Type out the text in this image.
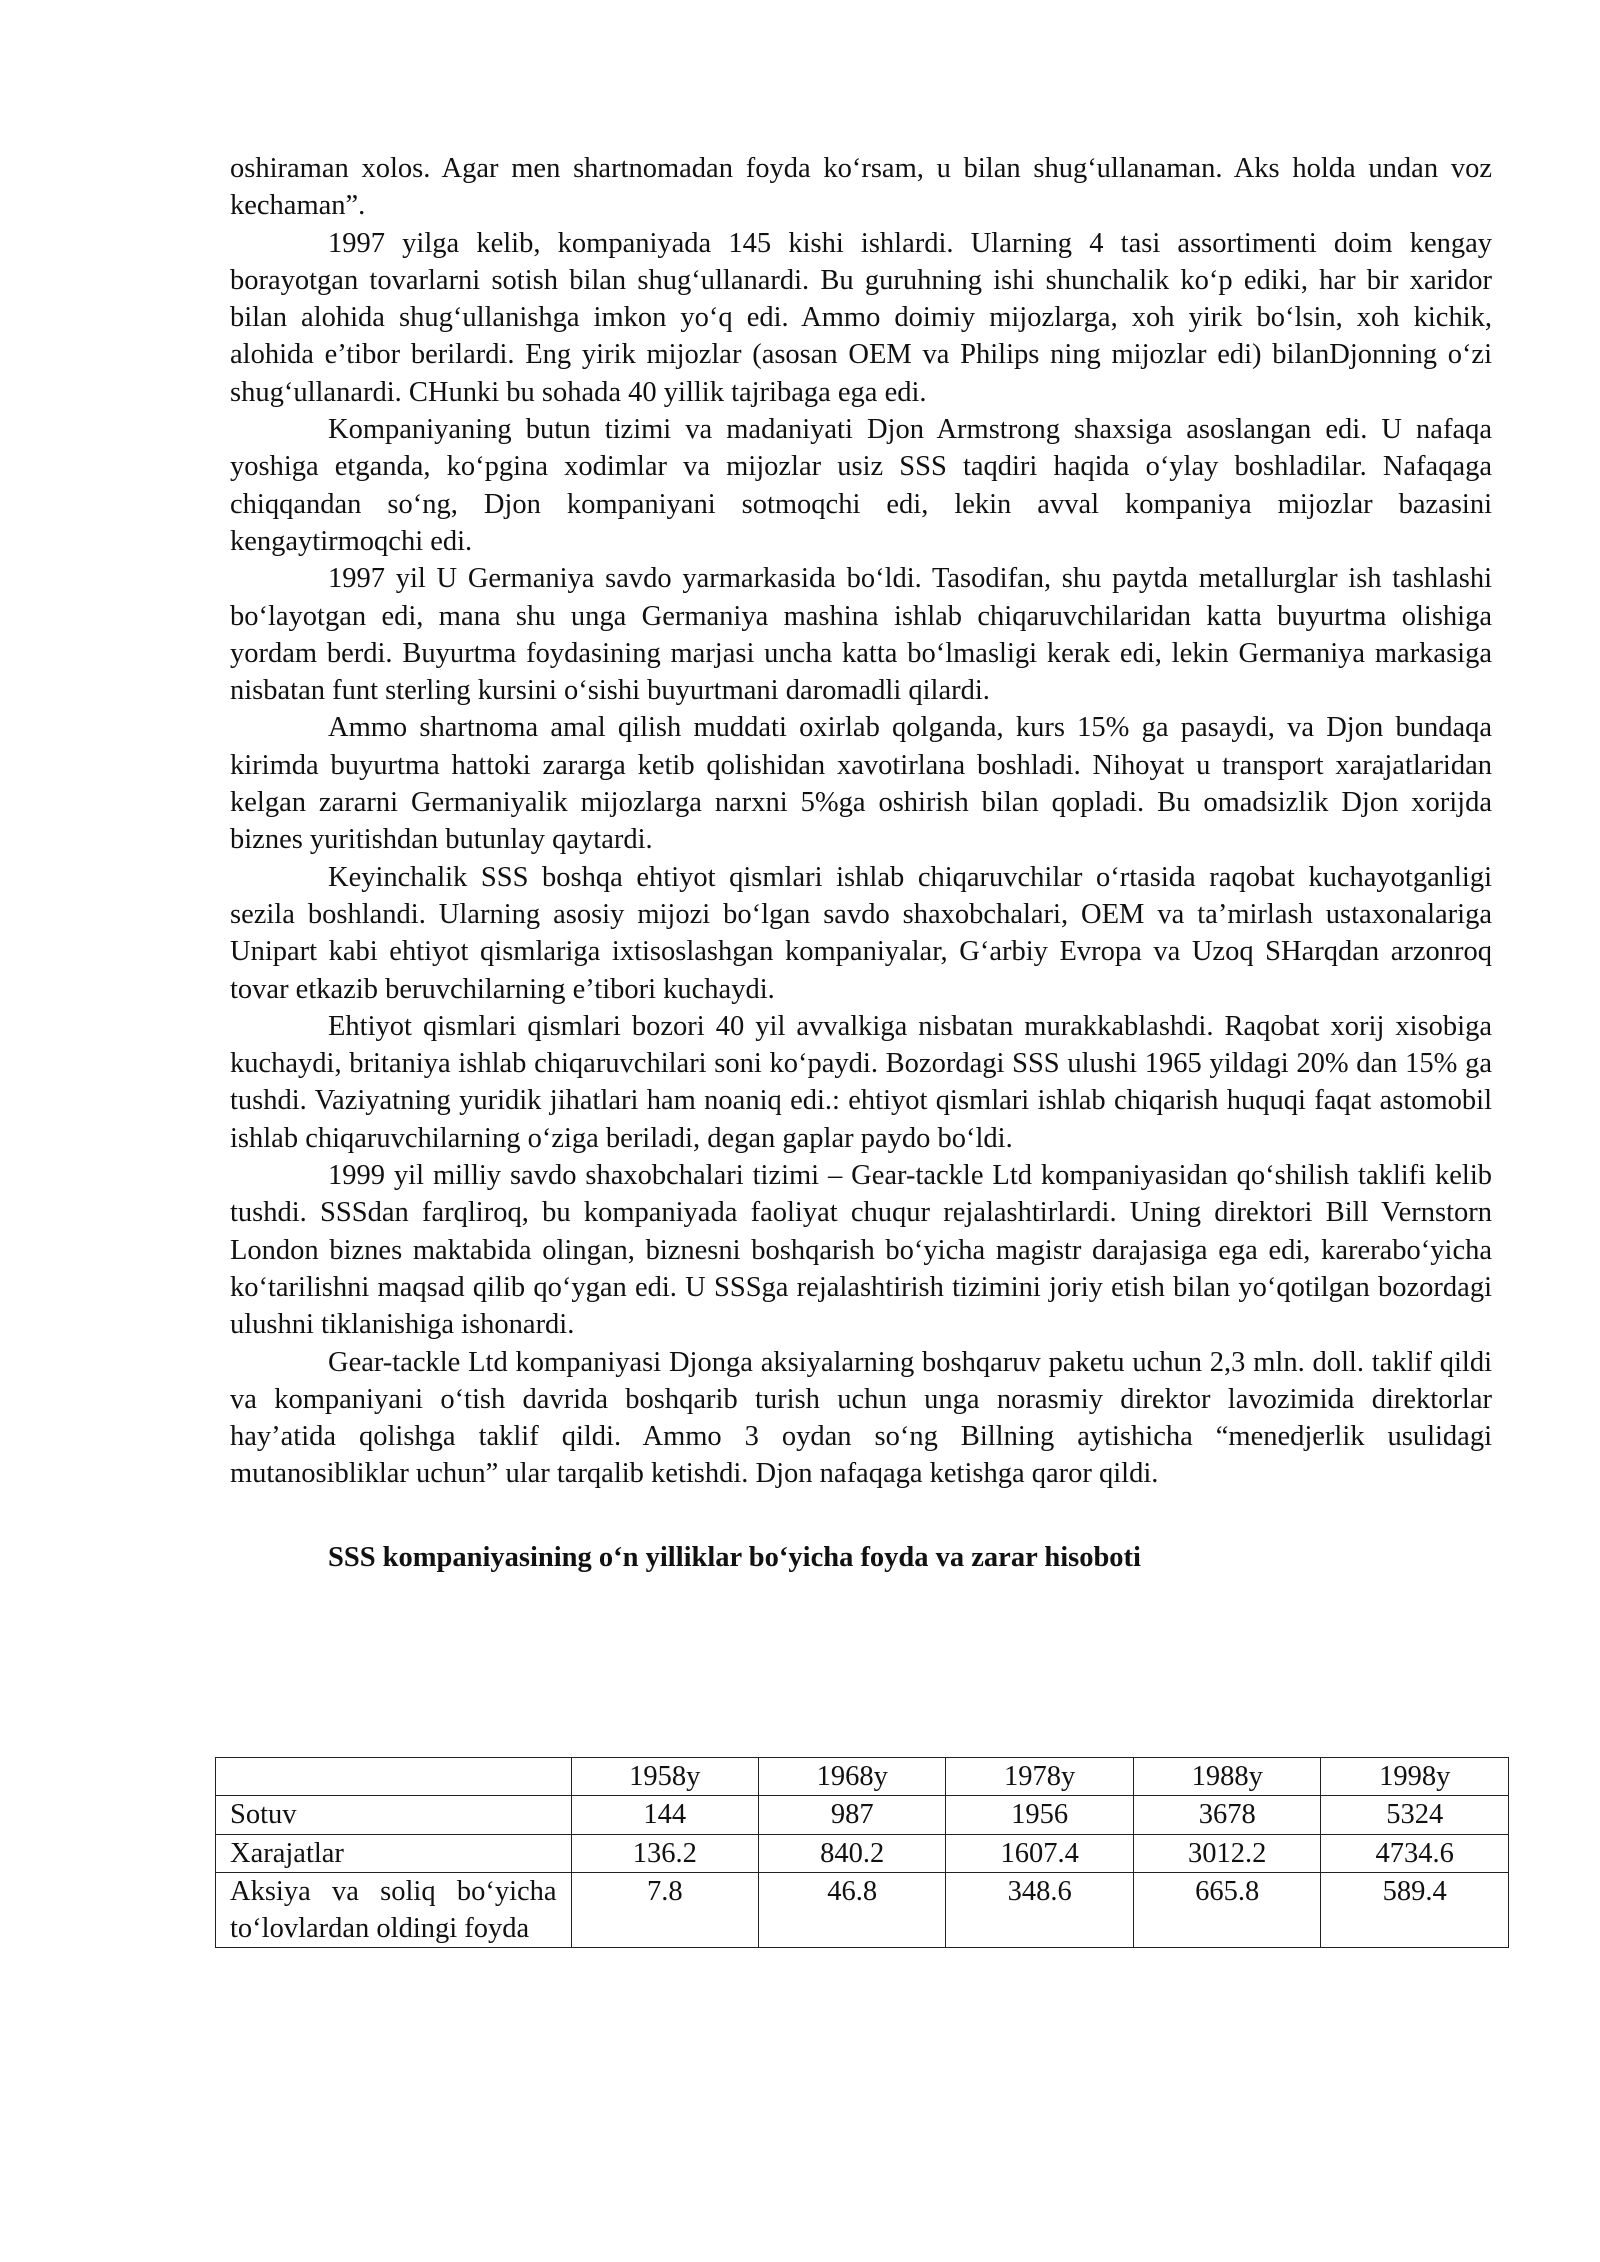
oshiraman xolos. Agar men shartnomadan foyda ko‘rsam, u bilan shug‘ullanaman. Aks holda undan voz kechaman”.

1997 yilga kelib, kompaniyada 145 kishi ishlardi. Ularning 4 tasi assortimenti doim kengay borayotgan tovarlarni sotish bilan shug‘ullanardi. Bu guruhning ishi shunchalik ko‘p ediki, har bir xaridor bilan alohida shug‘ullanishga imkon yo‘q edi. Ammo doimiy mijozlarga, xoh yirik bo‘lsin, xoh kichik, alohida e’tibor berilardi. Eng yirik mijozlar (asosan OEM va Philips ning mijozlar edi) bilanDjonning o‘zi shug‘ullanardi. CHunki bu sohada 40 yillik tajribaga ega edi.

Kompaniyaning butun tizimi va madaniyati Djon Armstrong shaxsiga asoslangan edi. U nafaqa yoshiga etganda, ko‘pgina xodimlar va mijozlar usiz SSS taqdiri haqida o‘ylay boshladilar. Nafaqaga chiqqandan so‘ng, Djon kompaniyani sotmoqchi edi, lekin avval kompaniya mijozlar bazasini kengaytirmoqchi edi.

1997 yil U Germaniya savdo yarmarkasida bo‘ldi. Tasodifan, shu paytda metallurglar ish tashlashi bo‘layotgan edi, mana shu unga Germaniya mashina ishlab chiqaruvchilaridan katta buyurtma olishiga yordam berdi. Buyurtma foydasining marjasi uncha katta bo‘lmasligi kerak edi, lekin Germaniya markasiga nisbatan funt sterling kursini o‘sishi buyurtmani daromadli qilardi.

Ammo shartnoma amal qilish muddati oxirlab qolganda, kurs 15% ga pasaydi, va Djon bundaqa kirimda buyurtma hattoki zararga ketib qolishidan xavotirlana boshladi. Nihoyat u transport xarajatlaridan kelgan zararni Germaniyalik mijozlarga narxni 5%ga oshirish bilan qopladi. Bu omadsizlik Djon xorijda biznes yuritishdan butunlay qaytardi.

Keyinchalik SSS boshqa ehtiyot qismlari ishlab chiqaruvchilar o‘rtasida raqobat kuchayotganligi sezila boshlandi. Ularning asosiy mijozi bo‘lgan savdo shaxobchalari, OEM va ta’mirlash ustaxonalariga Unipart kabi ehtiyot qismlariga ixtisoslashgan kompaniyalar, G‘arbiy Evropa va Uzoq SHarqdan arzonroq tovar etkazib beruvchilarning e’tibori kuchaydi.

Ehtiyot qismlari qismlari bozori 40 yil avvalkiga nisbatan murakkablashdi. Raqobat xorij xisobiga kuchaydi, britaniya ishlab chiqaruvchilari soni ko‘paydi. Bozordagi SSS ulushi 1965 yildagi 20% dan 15% ga tushdi. Vaziyatning yuridik jihatlari ham noaniq edi.: ehtiyot qismlari ishlab chiqarish huquqi faqat astomobil ishlab chiqaruvchilarning o‘ziga beriladi, degan gaplar paydo bo‘ldi.

1999 yil milliy savdo shaxobchalari tizimi – Gear-tackle Ltd kompaniyasidan qo‘shilish taklifi kelib tushdi. SSSdan farqliroq, bu kompaniyada faoliyat chuqur rejalashtirlardi. Uning direktori Bill Vernstorn London biznes maktabida olingan, biznesni boshqarish bo‘yicha magistr darajasiga ega edi, karerabo‘yicha ko‘tarilishni maqsad qilib qo‘ygan edi. U SSSga rejalashtirish tizimini joriy etish bilan yo‘qotilgan bozordagi ulushni tiklanishiga ishonardi.

Gear-tackle Ltd kompaniyasi Djonga aksiyalarning boshqaruv paketu uchun 2,3 mln. doll. taklif qildi va kompaniyani o‘tish davrida boshqarib turish uchun unga norasmiy direktor lavozimida direktorlar hay’atida qolishga taklif qildi. Ammo 3 oydan so‘ng Billning aytishicha “menedjerlik usulidagi mutanosibliklar uchun” ular tarqalib ketishdi. Djon nafaqaga ketishga qaror qildi.

SSS kompaniyasining o‘n yilliklar bo‘yicha foyda va zarar hisoboti

	1958y	1968y	1978y	1988y	1998y
Sotuv	144	987	1956	3678	5324
Xarajatlar	136.2	840.2	1607.4	3012.2	4734.6
Aksiya va soliq bo‘yicha to‘lovlardan oldingi foyda	7.8	46.8	348.6	665.8	589.4
